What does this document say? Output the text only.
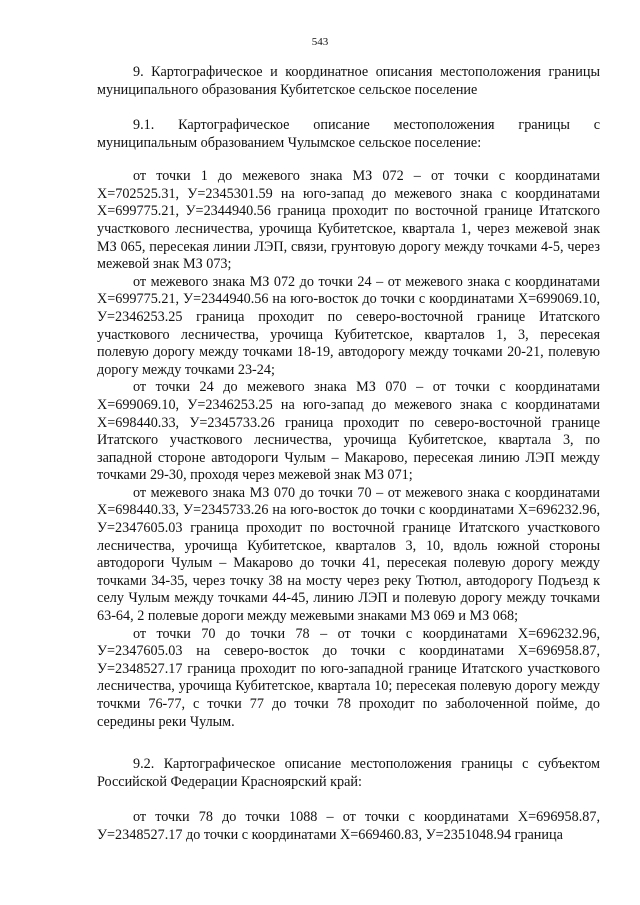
543

9. Картографическое и координатное описания местоположения границы муниципального образования Кубитетское сельское поселение

9.1. Картографическое описание местоположения границы с муниципальным образованием Чулымское сельское поселение:

от точки 1 до межевого знака МЗ 072 – от точки с координатами X=702525.31, У=2345301.59 на юго-запад до межевого знака с координатами X=699775.21, У=2344940.56 граница проходит по восточной границе Итатского участкового лесничества, урочища Кубитетское, квартала 1, через межевой знак МЗ 065, пересекая линии ЛЭП, связи, грунтовую дорогу между точками 4-5, через межевой знак МЗ 073;

от межевого знака МЗ 072 до точки 24 – от межевого знака с координатами X=699775.21, У=2344940.56 на юго-восток до точки с координатами X=699069.10, У=2346253.25 граница проходит по северо-восточной границе Итатского участкового лесничества, урочища Кубитетское, кварталов 1, 3, пересекая полевую дорогу между точками 18-19, автодорогу между точками 20-21, полевую дорогу между точками 23-24;

от точки 24 до межевого знака МЗ 070 – от точки с координатами X=699069.10, У=2346253.25 на юго-запад до межевого знака с координатами X=698440.33, У=2345733.26 граница проходит по северо-восточной границе Итатского участкового лесничества, урочища Кубитетское, квартала 3, по западной стороне автодороги Чулым – Макарово, пересекая линию ЛЭП между точками 29-30, проходя через межевой знак МЗ 071;

от межевого знака МЗ 070 до точки 70 – от межевого знака с координатами X=698440.33, У=2345733.26 на юго-восток до точки с координатами X=696232.96, У=2347605.03 граница проходит по восточной границе Итатского участкового лесничества, урочища Кубитетское, кварталов 3, 10, вдоль южной стороны автодороги Чулым – Макарово до точки 41, пересекая полевую дорогу между точками 34-35, через точку 38 на мосту через реку Тютюл, автодорогу Подъезд к селу Чулым между точками 44-45, линию ЛЭП и полевую дорогу между точками 63-64, 2 полевые дороги между межевыми знаками МЗ 069 и МЗ 068;

от точки 70 до точки 78 – от точки с координатами X=696232.96, У=2347605.03 на северо-восток до точки с координатами X=696958.87, У=2348527.17 граница проходит по юго-западной границе Итатского участкового лесничества, урочища Кубитетское, квартала 10; пересекая полевую дорогу между точкми 76-77, с точки 77 до точки 78 проходит по заболоченной пойме, до середины реки Чулым.

9.2. Картографическое описание местоположения границы с субъектом Российской Федерации Красноярский край:

от точки 78 до точки 1088 – от точки с координатами X=696958.87, У=2348527.17 до точки с координатами X=669460.83, У=2351048.94 граница
